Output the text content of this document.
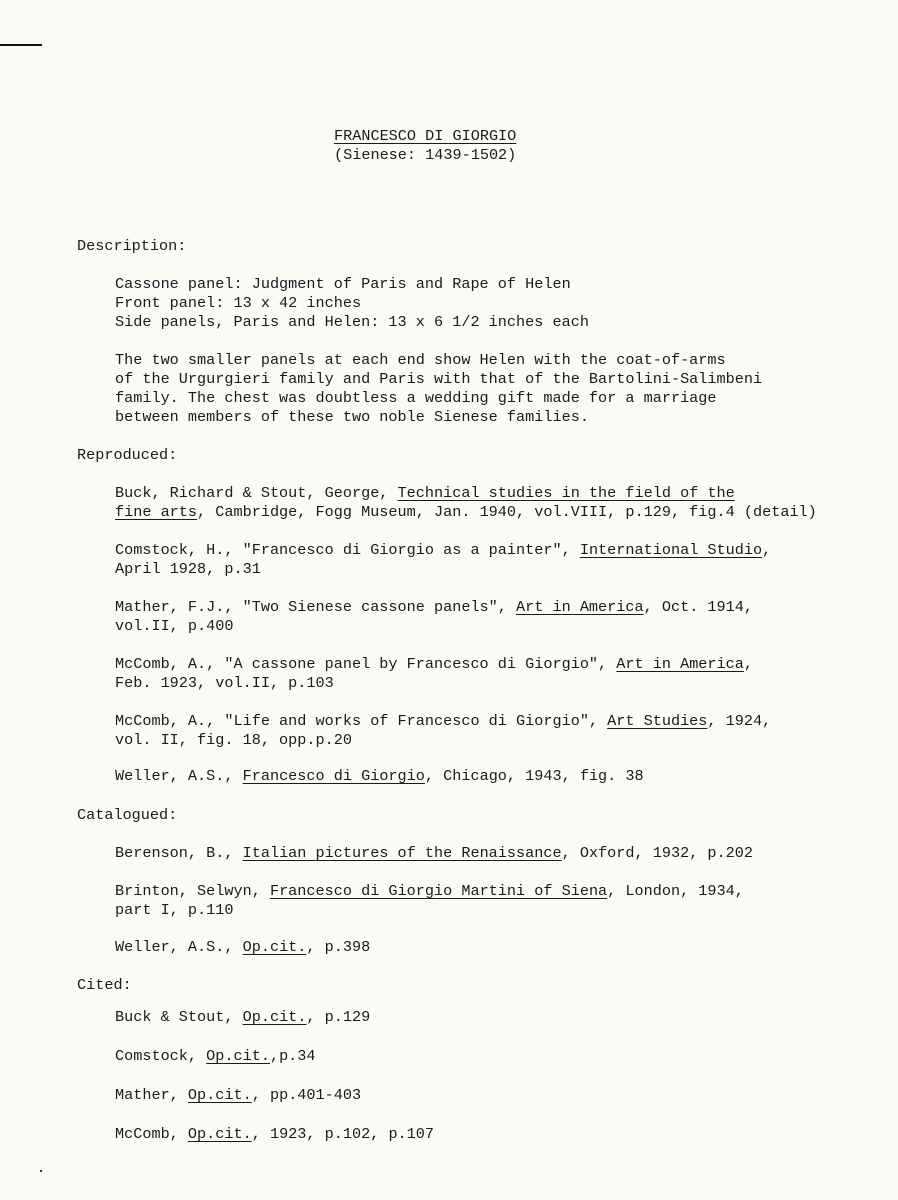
FRANCESCO DI GIORGIO
(Sienese: 1439-1502)
Description:
Cassone panel: Judgment of Paris and Rape of Helen
Front panel: 13 x 42 inches
Side panels, Paris and Helen: 13 x 6 1/2 inches each
The two smaller panels at each end show Helen with the coat-of-arms
of the Urgurgieri family and Paris with that of the Bartolini-Salimbeni
family. The chest was doubtless a wedding gift made for a marriage
between members of these two noble Sienese families.
Reproduced:
Buck, Richard & Stout, George, Technical studies in the field of the
fine arts, Cambridge, Fogg Museum, Jan. 1940, vol.VIII, p.129, fig.4 (detail)
Comstock, H., "Francesco di Giorgio as a painter", International Studio,
April 1928, p.31
Mather, F.J., "Two Sienese cassone panels", Art in America, Oct. 1914,
vol.II, p.400
McComb, A., "A cassone panel by Francesco di Giorgio", Art in America,
Feb. 1923, vol.II, p.103
McComb, A., "Life and works of Francesco di Giorgio", Art Studies, 1924,
vol. II, fig. 18, opp.p.20
Weller, A.S., Francesco di Giorgio, Chicago, 1943, fig. 38
Catalogued:
Berenson, B., Italian pictures of the Renaissance, Oxford, 1932, p.202
Brinton, Selwyn, Francesco di Giorgio Martini of Siena, London, 1934,
part I, p.110
Weller, A.S., Op.cit., p.398
Cited:
Buck & Stout, Op.cit., p.129
Comstock, Op.cit.,p.34
Mather, Op.cit., pp.401-403
McComb, Op.cit., 1923, p.102, p.107
